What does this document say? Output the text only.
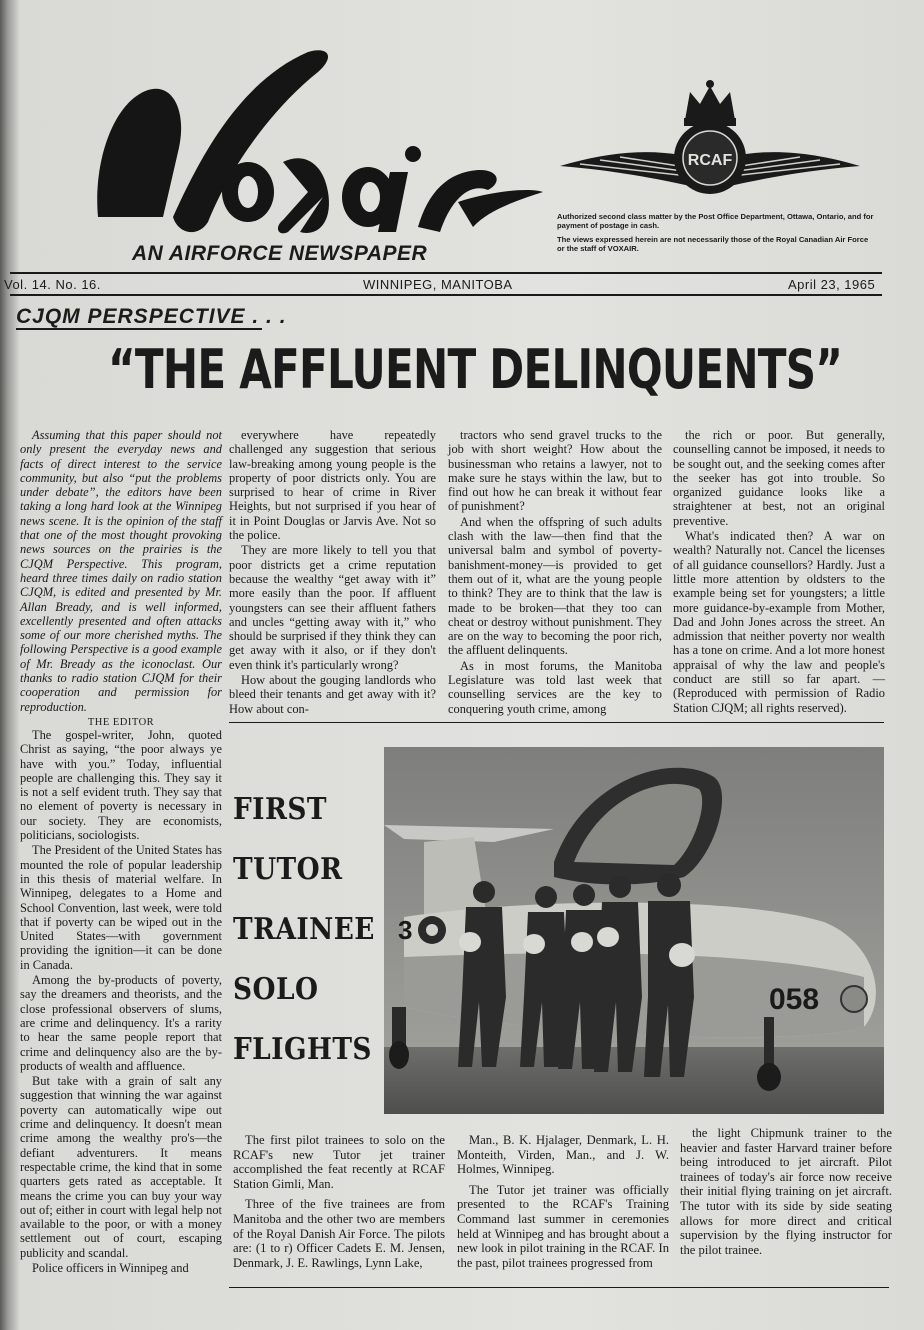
AN AIRFORCE NEWSPAPER
RCAF
Authorized second class matter by the Post Office Department, Ottawa, Ontario, and for payment of postage in cash.
The views expressed herein are not necessarily those of the Royal Canadian Air Force or the staff of VOXAIR.
Vol. 14. No. 16.	WINNIPEG, MANITOBA	April 23, 1965
CJQM PERSPECTIVE . . .
“THE AFFLUENT DELINQUENTS”

Assuming that this paper should not only present the everyday news and facts of direct interest to the service community, but also “put the problems under debate”, the editors have been taking a long hard look at the Winnipeg news scene. It is the opinion of the staff that one of the most thought provoking news sources on the prairies is the CJQM Perspective. This program, heard three times daily on radio station CJQM, is edited and presented by Mr. Allan Bready, and is well informed, excellently presented and often attacks some of our more cherished myths. The following Perspective is a good example of Mr. Bready as the iconoclast. Our thanks to radio station CJQM for their cooperation and permission for reproduction.

THE EDITOR

The gospel-writer, John, quoted Christ as saying, “the poor always ye have with you.” Today, influential people are challenging this. They say it is not a self evident truth. They say that no element of poverty is necessary in our society. They are economists, politicians, sociologists.

The President of the United States has mounted the role of popular leadership in this thesis of material welfare. In Winnipeg, delegates to a Home and School Convention, last week, were told that if poverty can be wiped out in the United States—with government providing the ignition—it can be done in Canada.

Among the by-products of poverty, say the dreamers and theorists, and the close professional observers of slums, are crime and delinquency. It's a rarity to hear the same people report that crime and delinquency also are the by-products of wealth and affluence.

But take with a grain of salt any suggestion that winning the war against poverty can automatically wipe out crime and delinquency. It doesn't mean crime among the wealthy pro's—the defiant adventurers. It means respectable crime, the kind that in some quarters gets rated as acceptable. It means the crime you can buy your way out of; either in court with legal help not available to the poor, or with a money settlement out of court, escaping publicity and scandal.

Police officers in Winnipeg and

everywhere have repeatedly challenged any suggestion that serious law-breaking among young people is the property of poor districts only. You are surprised to hear of crime in River Heights, but not surprised if you hear of it in Point Douglas or Jarvis Ave. Not so the police.

They are more likely to tell you that poor districts get a crime reputation because the wealthy “get away with it” more easily than the poor. If affluent youngsters can see their affluent fathers and uncles “getting away with it,” who should be surprised if they think they can get away with it also, or if they don't even think it's particularly wrong?

How about the gouging landlords who bleed their tenants and get away with it? How about con-

tractors who send gravel trucks to the job with short weight? How about the businessman who retains a lawyer, not to make sure he stays within the law, but to find out how he can break it without fear of punishment?

And when the offspring of such adults clash with the law—then find that the universal balm and symbol of poverty-banishment-money—is provided to get them out of it, what are the young people to think? They are to think that the law is made to be broken—that they too can cheat or destroy without punishment. They are on the way to becoming the poor rich, the affluent delinquents.

As in most forums, the Manitoba Legislature was told last week that counselling services are the key to conquering youth crime, among

the rich or poor. But generally, counselling cannot be imposed, it needs to be sought out, and the seeking comes after the seeker has got into trouble. So organized guidance looks like a straightener at best, not an original preventive.

What's indicated then? A war on wealth? Naturally not. Cancel the licenses of all guidance counsellors? Hardly. Just a little more attention by oldsters to the example being set for youngsters; a little more guidance-by-example from Mother, Dad and John Jones across the street. An admission that neither poverty nor wealth has a tone on crime. And a lot more honest appraisal of why the law and people's conduct are still so far apart. —(Reproduced with permission of Radio Station CJQM; all rights reserved).

FIRST
TUTOR
TRAINEE
SOLO
FLIGHTS
3
058

The first pilot trainees to solo on the RCAF's new Tutor jet trainer accomplished the feat recently at RCAF Station Gimli, Man.

Three of the five trainees are from Manitoba and the other two are members of the Royal Danish Air Force. The pilots are: (1 to r) Officer Cadets E. M. Jensen, Denmark, J. E. Rawlings, Lynn Lake,

Man., B. K. Hjalager, Denmark, L. H. Monteith, Virden, Man., and J. W. Holmes, Winnipeg.

The Tutor jet trainer was officially presented to the RCAF's Training Command last summer in ceremonies held at Winnipeg and has brought about a new look in pilot training in the RCAF. In the past, pilot trainees progressed from

the light Chipmunk trainer to the heavier and faster Harvard trainer before being introduced to jet aircraft. Pilot trainees of today's air force now receive their initial flying training on jet aircraft. The tutor with its side by side seating allows for more direct and critical supervision by the flying instructor for the pilot trainee.
